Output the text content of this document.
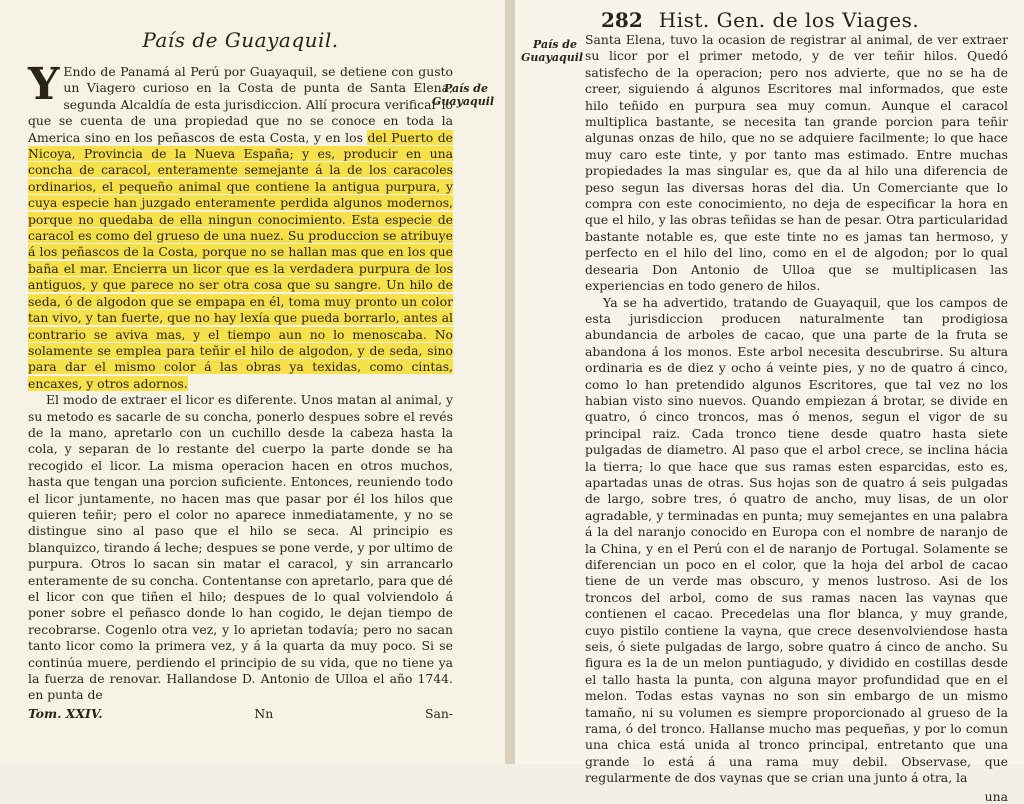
País de Guayaquil.
País de Guayaquil

Y Endo de Panamá al Perú por Guayaquil, se detiene con gusto un Viagero curioso en la Costa de punta de Santa Elena, segunda Alcaldía de esta jurisdiccion. Allí procura verificar lo que se cuenta de una propiedad que no se conoce en toda la America sino en los peñascos de esta Costa, y en los del Puerto de Nicoya, Provincia de la Nueva España; y es, producir en una concha de caracol, enteramente semejante á la de los caracoles ordinarios, el pequeño animal que contiene la antigua purpura, y cuya especie han juzgado enteramente perdida algunos modernos, porque no quedaba de ella ningun conocimiento. Esta especie de caracol es como del grueso de una nuez. Su produccion se atribuye á los peñascos de la Costa, porque no se hallan mas que en los que baña el mar. Encierra un licor que es la verdadera purpura de los antiguos, y que parece no ser otra cosa que su sangre. Un hilo de seda, ó de algodon que se empapa en él, toma muy pronto un color tan vivo, y tan fuerte, que no hay lexía que pueda borrarlo, antes al contrario se aviva mas, y el tiempo aun no lo menoscaba. No solamente se emplea para teñir el hilo de algodon, y de seda, sino para dar el mismo color á las obras ya texidas, como cintas, encaxes, y otros adornos.

El modo de extraer el licor es diferente. Unos matan al animal, y su metodo es sacarle de su concha, ponerlo despues sobre el revés de la mano, apretarlo con un cuchillo desde la cabeza hasta la cola, y separan de lo restante del cuerpo la parte donde se ha recogido el licor. La misma operacion hacen en otros muchos, hasta que tengan una porcion suficiente. Entonces, reuniendo todo el licor juntamente, no hacen mas que pasar por él los hilos que quieren teñir; pero el color no aparece inmediatamente, y no se distingue sino al paso que el hilo se seca. Al principio es blanquizco, tirando á leche; despues se pone verde, y por ultimo de purpura. Otros lo sacan sin matar el caracol, y sin arrancarlo enteramente de su concha. Contentanse con apretarlo, para que dé el licor con que tiñen el hilo; despues de lo qual volviendolo á poner sobre el peñasco donde lo han cogido, le dejan tiempo de recobrarse. Cogenlo otra vez, y lo aprietan todavía; pero no sacan tanto licor como la primera vez, y á la quarta da muy poco. Si se continúa muere, perdiendo el principio de su vida, que no tiene ya la fuerza de renovar. Hallandose D. Antonio de Ulloa el año 1744. en punta de

Tom. XXIV.	Nn	San-
282 Hist. Gen. de los Viages.
País de Guayaquil

Santa Elena, tuvo la ocasion de registrar al animal, de ver extraer su licor por el primer metodo, y de ver teñir hilos. Quedó satisfecho de la operacion; pero nos advierte, que no se ha de creer, siguiendo á algunos Escritores mal informados, que este hilo teñido en purpura sea muy comun. Aunque el caracol multiplica bastante, se necesita tan grande porcion para teñir algunas onzas de hilo, que no se adquiere facilmente; lo que hace muy caro este tinte, y por tanto mas estimado. Entre muchas propiedades la mas singular es, que da al hilo una diferencia de peso segun las diversas horas del dia. Un Comerciante que lo compra con este conocimiento, no deja de especificar la hora en que el hilo, y las obras teñidas se han de pesar. Otra particularidad bastante notable es, que este tinte no es jamas tan hermoso, y perfecto en el hilo del lino, como en el de algodon; por lo qual desearia Don Antonio de Ulloa que se multiplicasen las experiencias en todo genero de hilos.

Ya se ha advertido, tratando de Guayaquil, que los campos de esta jurisdiccion producen naturalmente tan prodigiosa abundancia de arboles de cacao, que una parte de la fruta se abandona á los monos. Este arbol necesita descubrirse. Su altura ordinaria es de diez y ocho á veinte pies, y no de quatro á cinco, como lo han pretendido algunos Escritores, que tal vez no los habian visto sino nuevos. Quando empiezan á brotar, se divide en quatro, ó cinco troncos, mas ó menos, segun el vigor de su principal raiz. Cada tronco tiene desde quatro hasta siete pulgadas de diametro. Al paso que el arbol crece, se inclina hácia la tierra; lo que hace que sus ramas esten esparcidas, esto es, apartadas unas de otras. Sus hojas son de quatro á seis pulgadas de largo, sobre tres, ó quatro de ancho, muy lisas, de un olor agradable, y terminadas en punta; muy semejantes en una palabra á la del naranjo conocido en Europa con el nombre de naranjo de la China, y en el Perú con el de naranjo de Portugal. Solamente se diferencian un poco en el color, que la hoja del arbol de cacao tiene de un verde mas obscuro, y menos lustroso. Asi de los troncos del arbol, como de sus ramas nacen las vaynas que contienen el cacao. Precedelas una flor blanca, y muy grande, cuyo pistilo contiene la vayna, que crece desenvolviendose hasta seis, ó siete pulgadas de largo, sobre quatro á cinco de ancho. Su figura es la de un melon puntiagudo, y dividido en costillas desde el tallo hasta la punta, con alguna mayor profundidad que en el melon. Todas estas vaynas no son sin embargo de un mismo tamaño, ni su volumen es siempre proporcionado al grueso de la rama, ó del tronco. Hallanse mucho mas pequeñas, y por lo comun una chica está unida al tronco principal, entretanto que una grande lo está á una rama muy debil. Observase, que regularmente de dos vaynas que se crian una junto á otra, la

una
